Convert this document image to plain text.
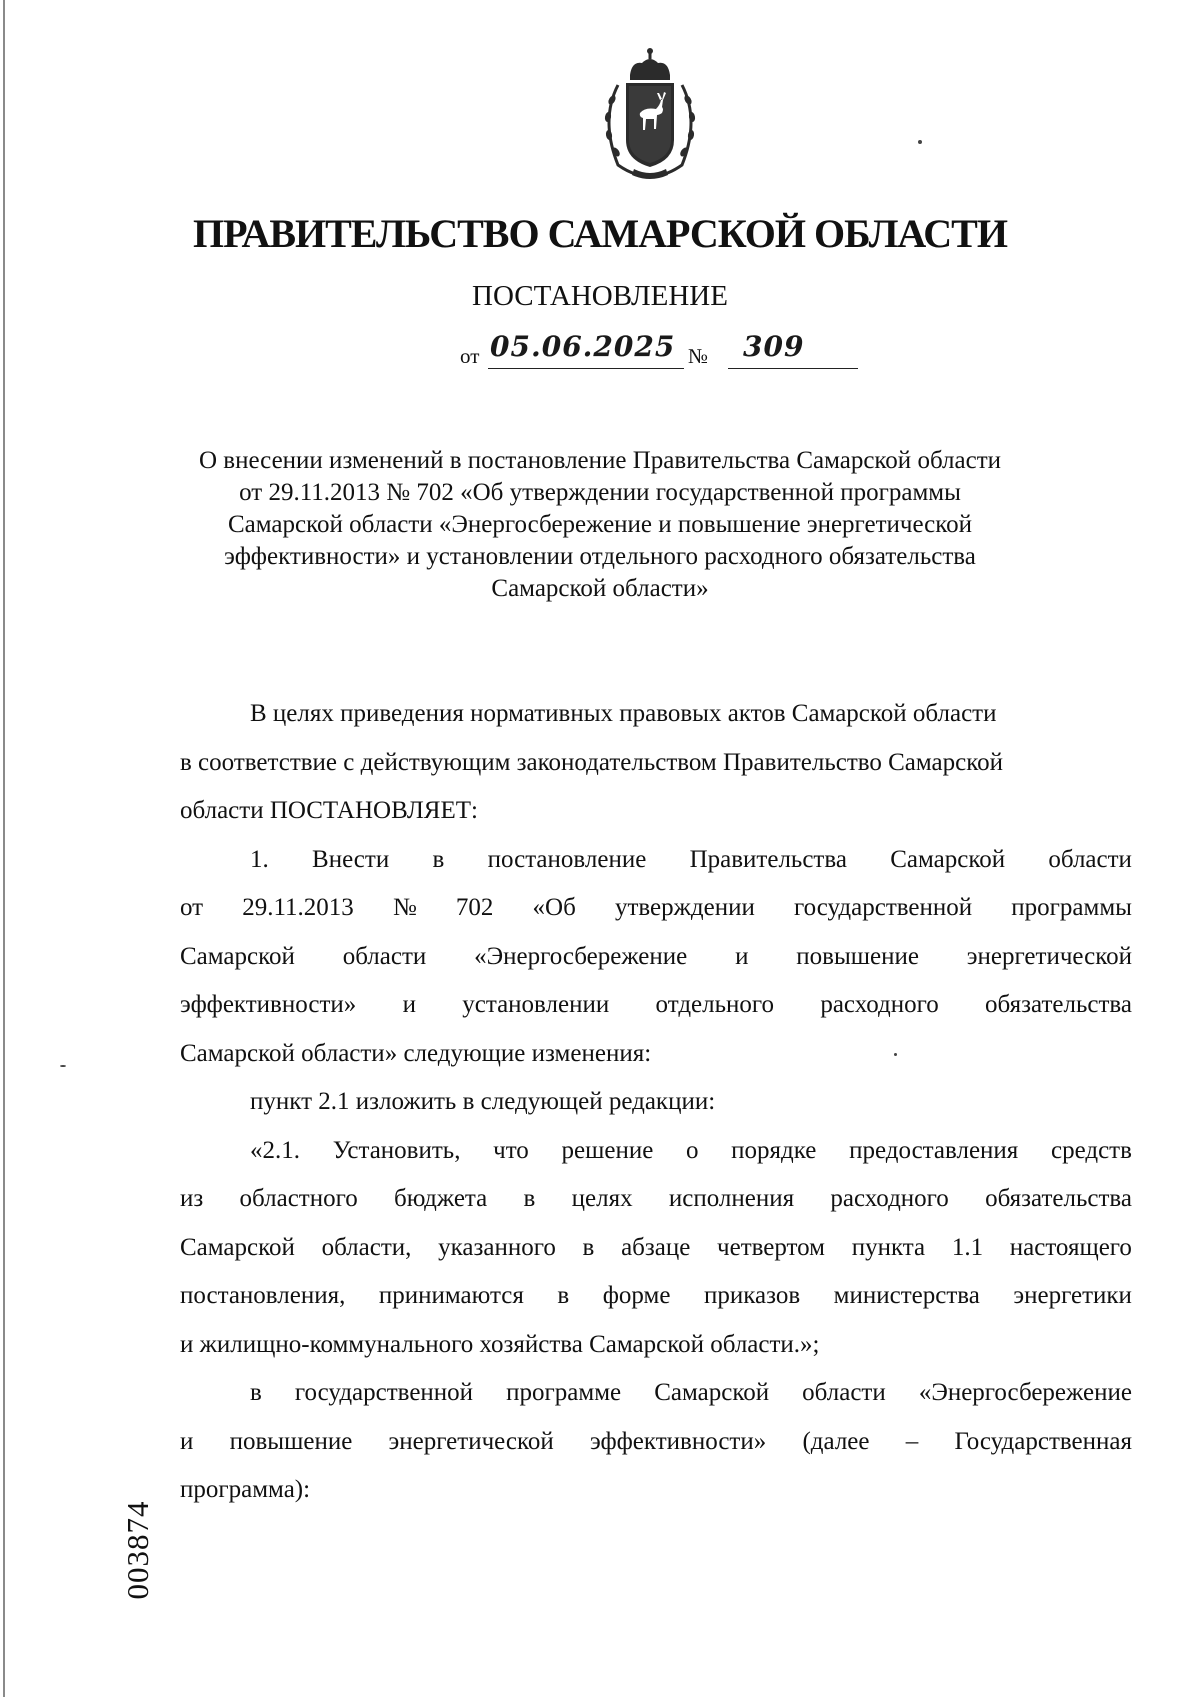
ПРАВИТЕЛЬСТВО САМАРСКОЙ ОБЛАСТИ
ПОСТАНОВЛЕНИЕ
от 05.06.2025 № 309
О внесении изменений в постановление Правительства Самарской области
от 29.11.2013 № 702 «Об утверждении государственной программы
Самарской области «Энергосбережение и повышение энергетической
эффективности» и установлении отдельного расходного обязательства
Самарской области»
В целях приведения нормативных правовых актов Самарской области
в соответствие с действующим законодательством Правительство Самарской
области ПОСТАНОВЛЯЕТ:
1. Внести в постановление Правительства Самарской области
от 29.11.2013 № 702 «Об утверждении государственной программы
Самарской области «Энергосбережение и повышение энергетической
эффективности» и установлении отдельного расходного обязательства
Самарской области» следующие изменения:
пункт 2.1 изложить в следующей редакции:
«2.1. Установить, что решение о порядке предоставления средств
из областного бюджета в целях исполнения расходного обязательства
Самарской области, указанного в абзаце четвертом пункта 1.1 настоящего
постановления, принимаются в форме приказов министерства энергетики
и жилищно-коммунального хозяйства Самарской области.»;
в государственной программе Самарской области «Энергосбережение
и повышение энергетической эффективности» (далее – Государственная
программа):
003874
